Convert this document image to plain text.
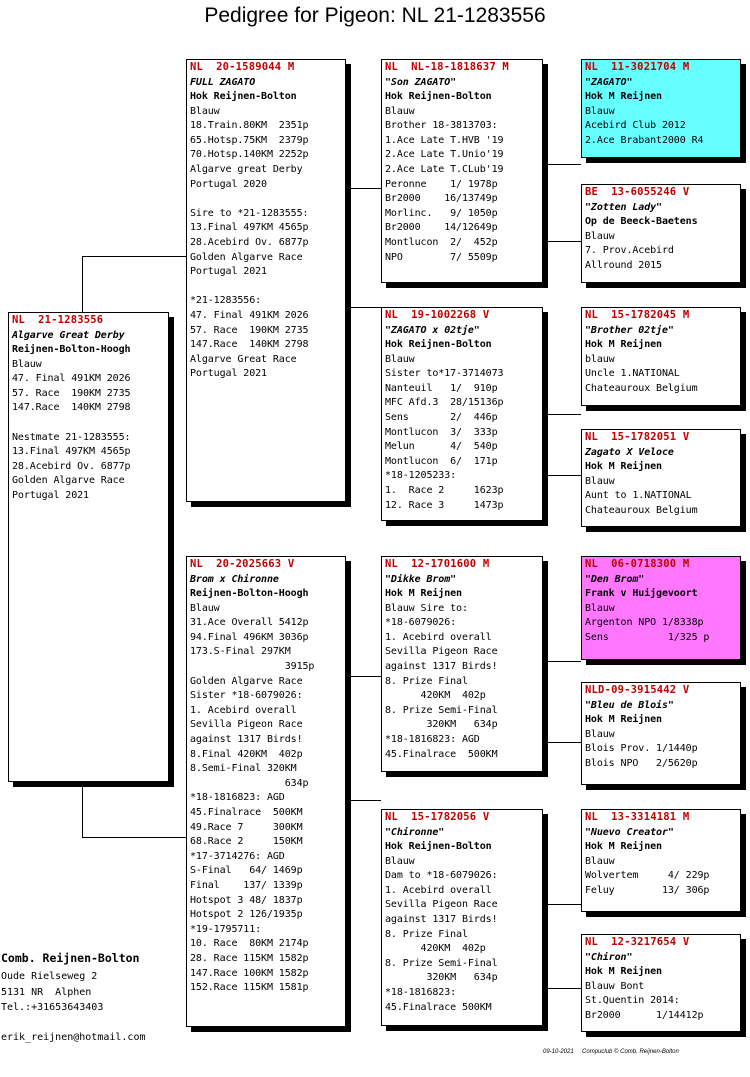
Pedigree for Pigeon: NL 21-1283556
NL  21-1283556
Algarve Great Derby
Reijnen-Bolton-Hoogh
Blauw
47. Final 491KM 2026
57. Race  190KM 2735
147.Race  140KM 2798

Nestmate 21-1283555:
13.Final 497KM 4565p
28.Acebird Ov. 6877p
Golden Algarve Race
Portugal 2021
NL  20-1589044 M
FULL ZAGATO
Hok Reijnen-Bolton
Blauw
18.Train.80KM  2351p
65.Hotsp.75KM  2379p
70.Hotsp.140KM 2252p
Algarve great Derby
Portugal 2020

Sire to *21-1283555:
13.Final 497KM 4565p
28.Acebird Ov. 6877p
Golden Algarve Race
Portugal 2021

*21-1283556:
47. Final 491KM 2026
57. Race  190KM 2735
147.Race  140KM 2798
Algarve Great Race
Portugal 2021
NL  20-2025663 V
Brom x Chironne
Reijnen-Bolton-Hoogh
Blauw
31.Ace Overall 5412p
94.Final 496KM 3036p
173.S-Final 297KM
3915p
Golden Algarve Race
Sister *18-6079026:
1. Acebird overall
Sevilla Pigeon Race
against 1317 Birds!
8.Final 420KM  402p
8.Semi-Final 320KM
634p
*18-1816823: AGD
45.Finalrace  500KM
49.Race 7     300KM
68.Race 2     150KM
*17-3714276: AGD
S-Final   64/ 1469p
Final    137/ 1339p
Hotspot 3 48/ 1837p
Hotspot 2 126/1935p
*19-1795711:
10. Race  80KM 2174p
28. Race 115KM 1582p
147.Race 100KM 1582p
152.Race 115KM 1581p
NL  NL-18-1818637 M
"Son ZAGATO"
Hok Reijnen-Bolton
Blauw
Brother 18-3813703:
1.Ace Late T.HVB '19
2.Ace Late T.Unio'19
2.Ace Late T.CLub'19
Peronne    1/ 1978p
Br2000    16/13749p
Morlinc.   9/ 1050p
Br2000    14/12649p
Montlucon  2/  452p
NPO        7/ 5509p
NL  19-1002268 V
"ZAGATO x 02tje"
Hok Reijnen-Bolton
Blauw
Sister to*17-3714073
Nanteuil   1/  910p
MFC Afd.3  28/15136p
Sens       2/  446p
Montlucon  3/  333p
Melun      4/  540p
Montlucon  6/  171p
*18-1205233:
1.  Race 2     1623p
12. Race 3     1473p
NL  12-1701600 M
"Dikke Brom"
Hok M Reijnen
Blauw Sire to:
*18-6079026:
1. Acebird overall
Sevilla Pigeon Race
against 1317 Birds!
8. Prize Final
420KM  402p
8. Prize Semi-Final
320KM   634p
*18-1816823: AGD
45.Finalrace  500KM
NL  15-1782056 V
"Chironne"
Hok Reijnen-Bolton
Blauw
Dam to *18-6079026:
1. Acebird overall
Sevilla Pigeon Race
against 1317 Birds!
8. Prize Final
420KM  402p
8. Prize Semi-Final
320KM   634p
*18-1816823:
45.Finalrace 500KM
NL  11-3021704 M
"ZAGATO"
Hok M Reijnen
Blauw
Acebird Club 2012
2.Ace Brabant2000 R4
BE  13-6055246 V
"Zotten Lady"
Op de Beeck-Baetens
Blauw
7. Prov.Acebird
Allround 2015
NL  15-1782045 M
"Brother 02tje"
Hok M Reijnen
blauw
Uncle 1.NATIONAL
Chateauroux Belgium
NL  15-1782051 V
Zagato X Veloce
Hok M Reijnen
Blauw
Aunt to 1.NATIONAL
Chateauroux Belgium
NL  06-0718300 M
"Den Brom"
Frank v Huijgevoort
Blauw
Argenton NPO 1/8338p
Sens          1/325 p
NLD-09-3915442 V
"Bleu de Blois"
Hok M Reijnen
Blauw
Blois Prov. 1/1440p
Blois NPO   2/5620p
NL  13-3314181 M
"Nuevo Creator"
Hok M Reijnen
Blauw
Wolvertem     4/ 229p
Feluy        13/ 306p
NL  12-3217654 V
"Chiron"
Hok M Reijnen
Blauw Bont
St.Quentin 2014:
Br2000      1/14412p
Comb. Reijnen-Bolton
Oude Rielseweg 2
5131 NR  Alphen
Tel.:+31653643403
erik_reijnen@hotmail.com
09-10-2021     Compuclub © Comb. Reijnen-Bolton
